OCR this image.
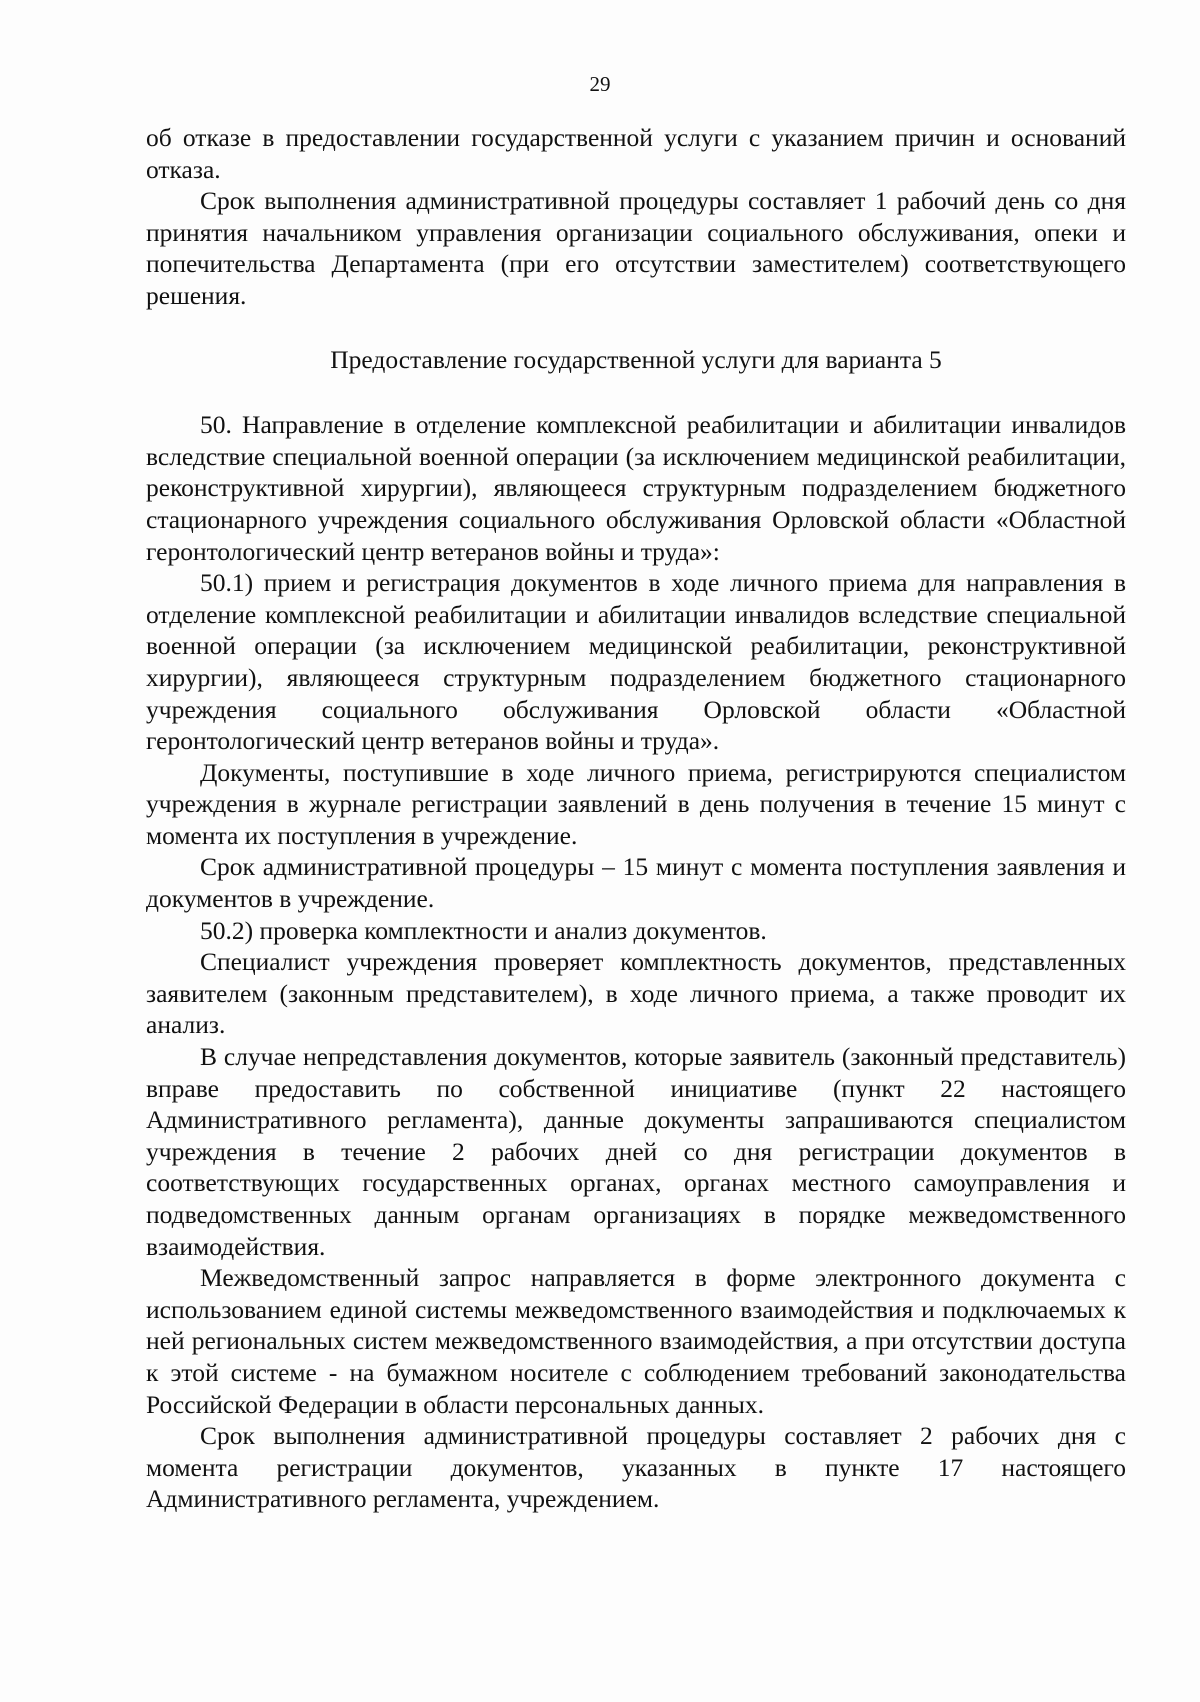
29

об отказе в предоставлении государственной услуги с указанием причин и оснований отказа.

Срок выполнения административной процедуры составляет 1 рабочий день со дня принятия начальником управления организации социального обслуживания, опеки и попечительства Департамента (при его отсутствии заместителем) соответствующего решения.

Предоставление государственной услуги для варианта 5

50. Направление в отделение комплексной реабилитации и абилитации инвалидов вследствие специальной военной операции (за исключением медицинской реабилитации, реконструктивной хирургии), являющееся структурным подразделением бюджетного стационарного учреждения социального обслуживания Орловской области «Областной геронтологический центр ветеранов войны и труда»:

50.1) прием и регистрация документов в ходе личного приема для направления в отделение комплексной реабилитации и абилитации инвалидов вследствие специальной военной операции (за исключением медицинской реабилитации, реконструктивной хирургии), являющееся структурным подразделением бюджетного стационарного учреждения социального обслуживания Орловской области «Областной геронтологический центр ветеранов войны и труда».

Документы, поступившие в ходе личного приема, регистрируются специалистом учреждения в журнале регистрации заявлений в день получения в течение 15 минут с момента их поступления в учреждение.

Срок административной процедуры – 15 минут с момента поступления заявления и документов в учреждение.

50.2) проверка комплектности и анализ документов.

Специалист учреждения проверяет комплектность документов, представленных заявителем (законным представителем), в ходе личного приема, а также проводит их анализ.

В случае непредставления документов, которые заявитель (законный представитель) вправе предоставить по собственной инициативе (пункт 22 настоящего Административного регламента), данные документы запрашиваются специалистом учреждения в течение 2 рабочих дней со дня регистрации документов в соответствующих государственных органах, органах местного самоуправления и подведомственных данным органам организациях в порядке межведомственного взаимодействия.

Межведомственный запрос направляется в форме электронного документа с использованием единой системы межведомственного взаимодействия и подключаемых к ней региональных систем межведомственного взаимодействия, а при отсутствии доступа к этой системе - на бумажном носителе с соблюдением требований законодательства Российской Федерации в области персональных данных.

Срок выполнения административной процедуры составляет 2 рабочих дня с момента регистрации документов, указанных в пункте 17 настоящего Административного регламента, учреждением.
